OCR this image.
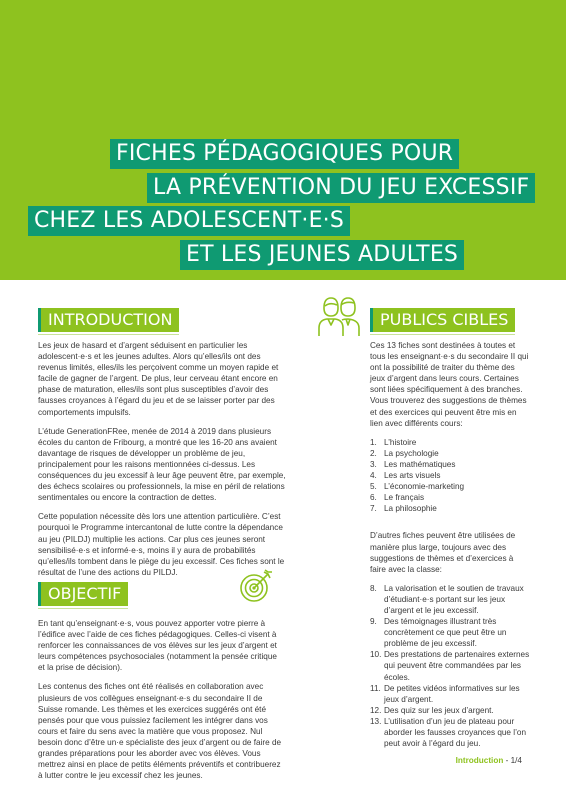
FICHES PÉDAGOGIQUES POUR
LA PRÉVENTION DU JEU EXCESSIF
CHEZ LES ADOLESCENT·E·S
ET LES JEUNES ADULTES
INTRODUCTION

Les jeux de hasard et d’argent séduisent en particulier les adolescent·e·s et les jeunes adultes. Alors qu’elles/ils ont des revenus limités, elles/ils les perçoivent comme un moyen rapide et facile de gagner de l’argent. De plus, leur cerveau étant encore en phase de maturation, elles/ils sont plus susceptibles d’avoir des fausses croyances à l’égard du jeu et de se laisser porter par des comportements impulsifs.

L’étude GenerationFRee, menée de 2014 à 2019 dans plusieurs écoles du canton de Fribourg, a montré que les 16-20 ans avaient davantage de risques de développer un problème de jeu, principalement pour les raisons mentionnées ci-dessus. Les conséquences du jeu excessif à leur âge peuvent être, par exemple, des échecs scolaires ou professionnels, la mise en péril de relations sentimentales ou encore la contraction de dettes.

Cette population nécessite dès lors une attention particulière. C’est pourquoi le Programme intercantonal de lutte contre la dépendance au jeu (PILDJ) multiplie les actions. Car plus ces jeunes seront sensibilisé·e·s et informé·e·s, moins il y aura de probabilités qu’elles/ils tombent dans le piège du jeu excessif. Ces fiches sont le résultat de l’une des actions du PILDJ.

OBJECTIF

En tant qu’enseignant·e·s, vous pouvez apporter votre pierre à l’édifice avec l’aide de ces fiches pédagogiques. Celles-ci visent à renforcer les connaissances de vos élèves sur les jeux d’argent et leurs compétences psychosociales (notamment la pensée critique et la prise de décision).

Les contenus des fiches ont été réalisés en collaboration avec plusieurs de vos collègues enseignant·e·s du secondaire II de Suisse romande. Les thèmes et les exercices suggérés ont été pensés pour que vous puissiez facilement les intégrer dans vos cours et faire du sens avec la matière que vous proposez. Nul besoin donc d’être un·e spécialiste des jeux d’argent ou de faire de grandes préparations pour les aborder avec vos élèves. Vous mettrez ainsi en place de petits éléments préventifs et contribuerez à lutter contre le jeu excessif chez les jeunes.

PUBLICS CIBLES

Ces 13 fiches sont destinées à toutes et tous les enseignant·e·s du secondaire II qui ont la possibilité de traiter du thème des jeux d’argent dans leurs cours. Certaines sont liées spécifiquement à des branches. Vous trouverez des suggestions de thèmes et des exercices qui peuvent être mis en lien avec différents cours:

1. L’histoire
2. La psychologie
3. Les mathématiques
4. Les arts visuels
5. L’économie-marketing
6. Le français
7. La philosophie

D’autres fiches peuvent être utilisées de manière plus large, toujours avec des suggestions de thèmes et d’exercices à faire avec la classe:

8. La valorisation et le soutien de travaux d’étudiant·e·s portant sur les jeux d’argent et le jeu excessif.
9. Des témoignages illustrant très concrètement ce que peut être un problème de jeu excessif.
10. Des prestations de partenaires externes qui peuvent être commandées par les écoles.
11. De petites vidéos informatives sur les jeux d’argent.
12. Des quiz sur les jeux d’argent.
13. L’utilisation d’un jeu de plateau pour aborder les fausses croyances que l’on peut avoir à l’égard du jeu.
Introduction - 1/4
